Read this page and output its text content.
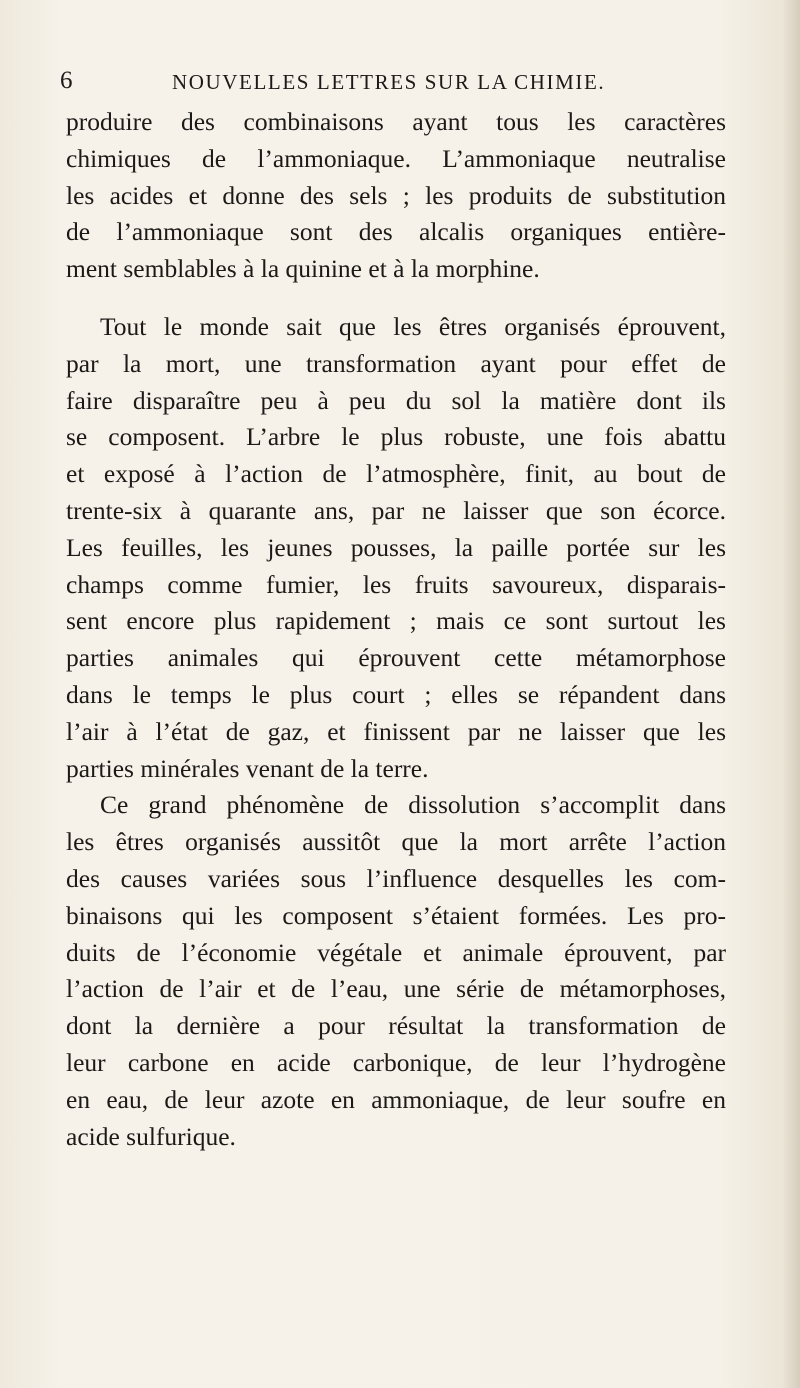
6	NOUVELLES LETTRES SUR LA CHIMIE.
produire des combinaisons ayant tous les caractères
chimiques de l’ammoniaque. L’ammoniaque neutralise
les acides et donne des sels ; les produits de substitution
de l’ammoniaque sont des alcalis organiques entière-
ment semblables à la quinine et à la morphine.
Tout le monde sait que les êtres organisés éprouvent,
par la mort, une transformation ayant pour effet de
faire disparaître peu à peu du sol la matière dont ils
se composent. L’arbre le plus robuste, une fois abattu
et exposé à l’action de l’atmosphère, finit, au bout de
trente-six à quarante ans, par ne laisser que son écorce.
Les feuilles, les jeunes pousses, la paille portée sur les
champs comme fumier, les fruits savoureux, disparais-
sent encore plus rapidement ; mais ce sont surtout les
parties animales qui éprouvent cette métamorphose
dans le temps le plus court ; elles se répandent dans
l’air à l’état de gaz, et finissent par ne laisser que les
parties minérales venant de la terre.
Ce grand phénomène de dissolution s’accomplit dans
les êtres organisés aussitôt que la mort arrête l’action
des causes variées sous l’influence desquelles les com-
binaisons qui les composent s’étaient formées. Les pro-
duits de l’économie végétale et animale éprouvent, par
l’action de l’air et de l’eau, une série de métamorphoses,
dont la dernière a pour résultat la transformation de
leur carbone en acide carbonique, de leur l’hydrogène
en eau, de leur azote en ammoniaque, de leur soufre en
acide sulfurique.
